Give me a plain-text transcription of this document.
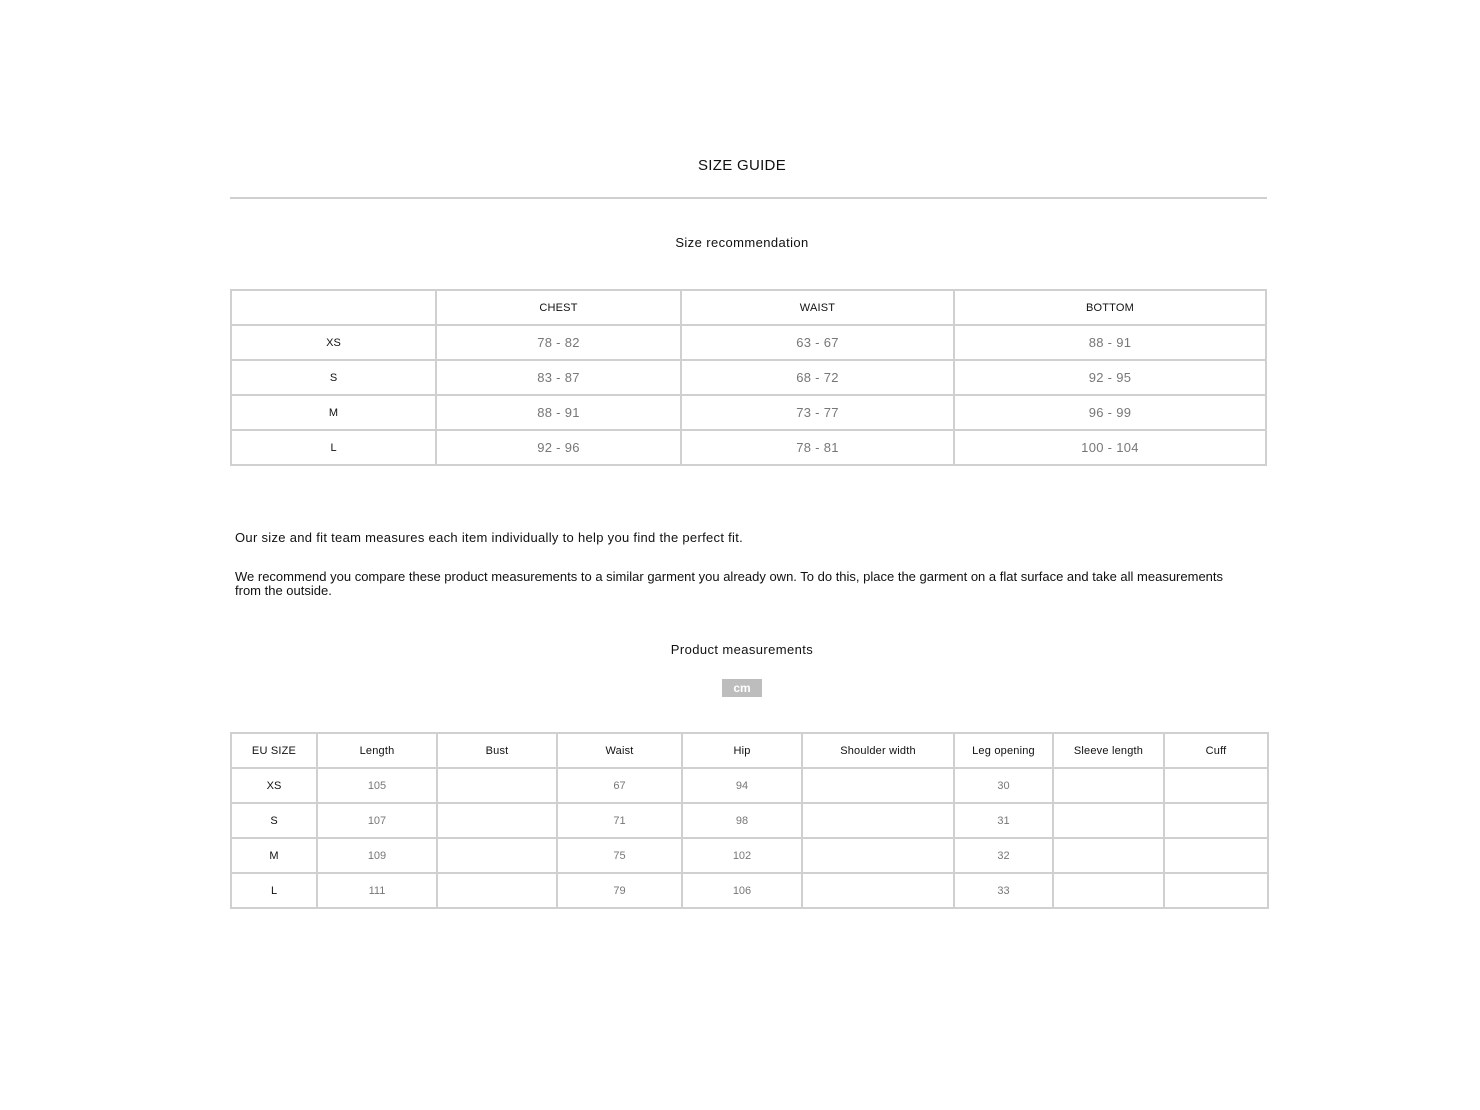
SIZE GUIDE
Size recommendation
	CHEST	WAIST	BOTTOM
XS	78 - 82	63 - 67	88 - 91
S	83 - 87	68 - 72	92 - 95
M	88 - 91	73 - 77	96 - 99
L	92 - 96	78 - 81	100 - 104
Our size and fit team measures each item individually to help you find the perfect fit.
We recommend you compare these product measurements to a similar garment you already own. To do this, place the garment on a flat surface and take all measurements from the outside.
Product measurements
cm
EU SIZE	Length	Bust	Waist	Hip	Shoulder width	Leg opening	Sleeve length	Cuff
XS	105		67	94		30		
S	107		71	98		31		
M	109		75	102		32		
L	111		79	106		33		
